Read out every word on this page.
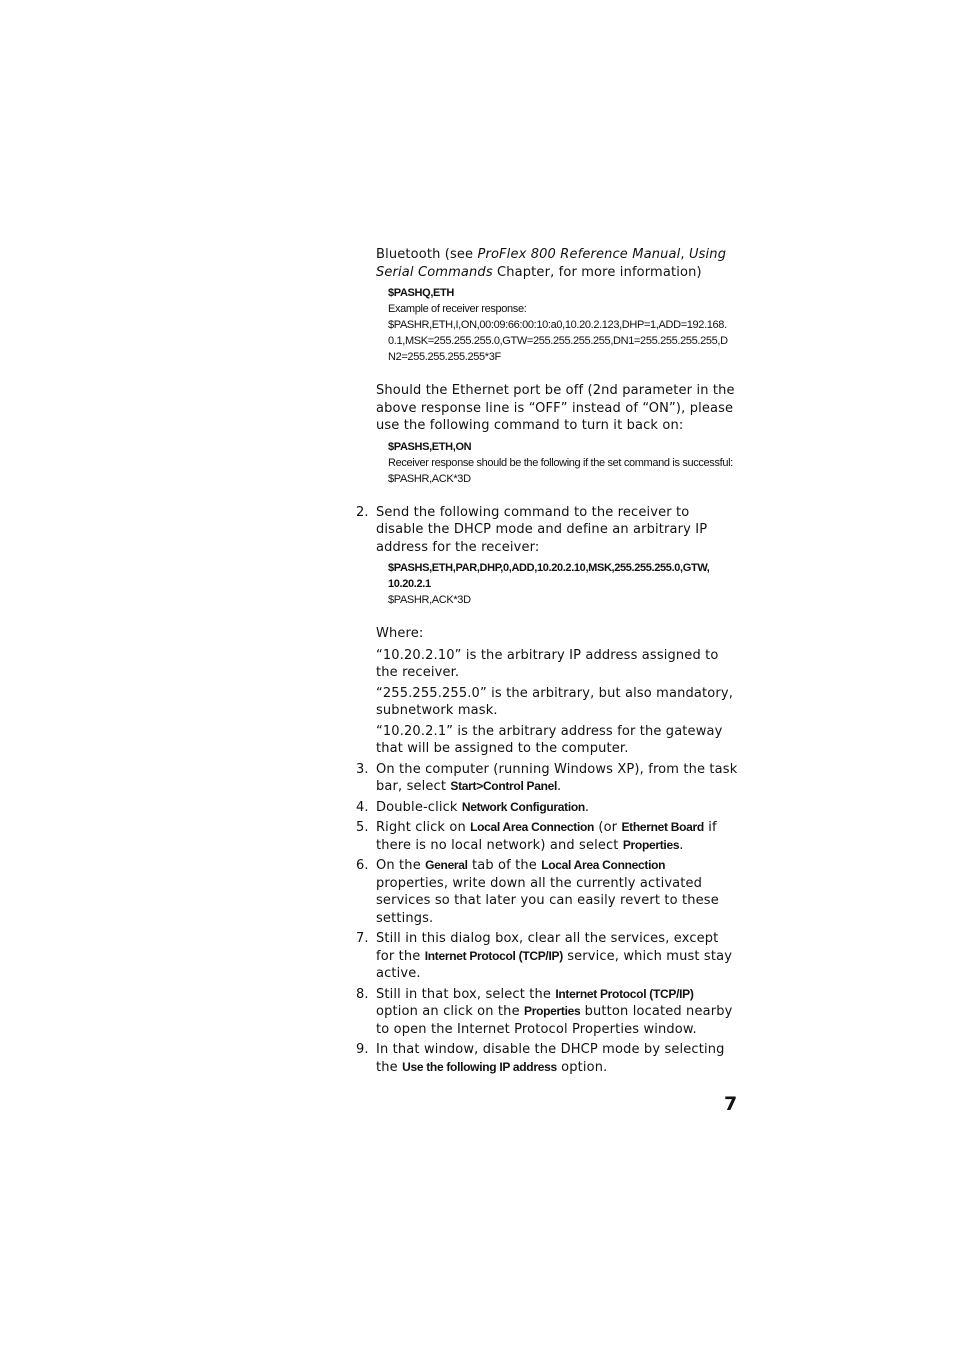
Bluetooth (see ProFlex 800 Reference Manual, Using Serial Commands Chapter, for more information)

$PASHQ,ETH
Example of receiver response:
$PASHR,ETH,I,ON,00:09:66:00:10:a0,10.20.2.123,DHP=1,ADD=192.168.
0.1,MSK=255.255.255.0,GTW=255.255.255.255,DN1=255.255.255.255,D
N2=255.255.255.255*3F

Should the Ethernet port be off (2nd parameter in the above response line is “OFF” instead of “ON”), please use the following command to turn it back on:

$PASHS,ETH,ON
Receiver response should be the following if the set command is successful:
$PASHR,ACK*3D

2. Send the following command to the receiver to disable the DHCP mode and define an arbitrary IP address for the receiver:

$PASHS,ETH,PAR,DHP,0,ADD,10.20.2.10,MSK,255.255.255.0,GTW,
10.20.2.1
$PASHR,ACK*3D

Where:

“10.20.2.10” is the arbitrary IP address assigned to the receiver.

“255.255.255.0” is the arbitrary, but also mandatory, subnetwork mask.

“10.20.2.1” is the arbitrary address for the gateway that will be assigned to the computer.

3. On the computer (running Windows XP), from the task bar, select Start>Control Panel.

4. Double-click Network Configuration.

5. Right click on Local Area Connection (or Ethernet Board if there is no local network) and select Properties.

6. On the General tab of the Local Area Connection properties, write down all the currently activated services so that later you can easily revert to these settings.

7. Still in this dialog box, clear all the services, except for the Internet Protocol (TCP/IP) service, which must stay active.

8. Still in that box, select the Internet Protocol (TCP/IP) option an click on the Properties button located nearby to open the Internet Protocol Properties window.

9. In that window, disable the DHCP mode by selecting the Use the following IP address option.

7
